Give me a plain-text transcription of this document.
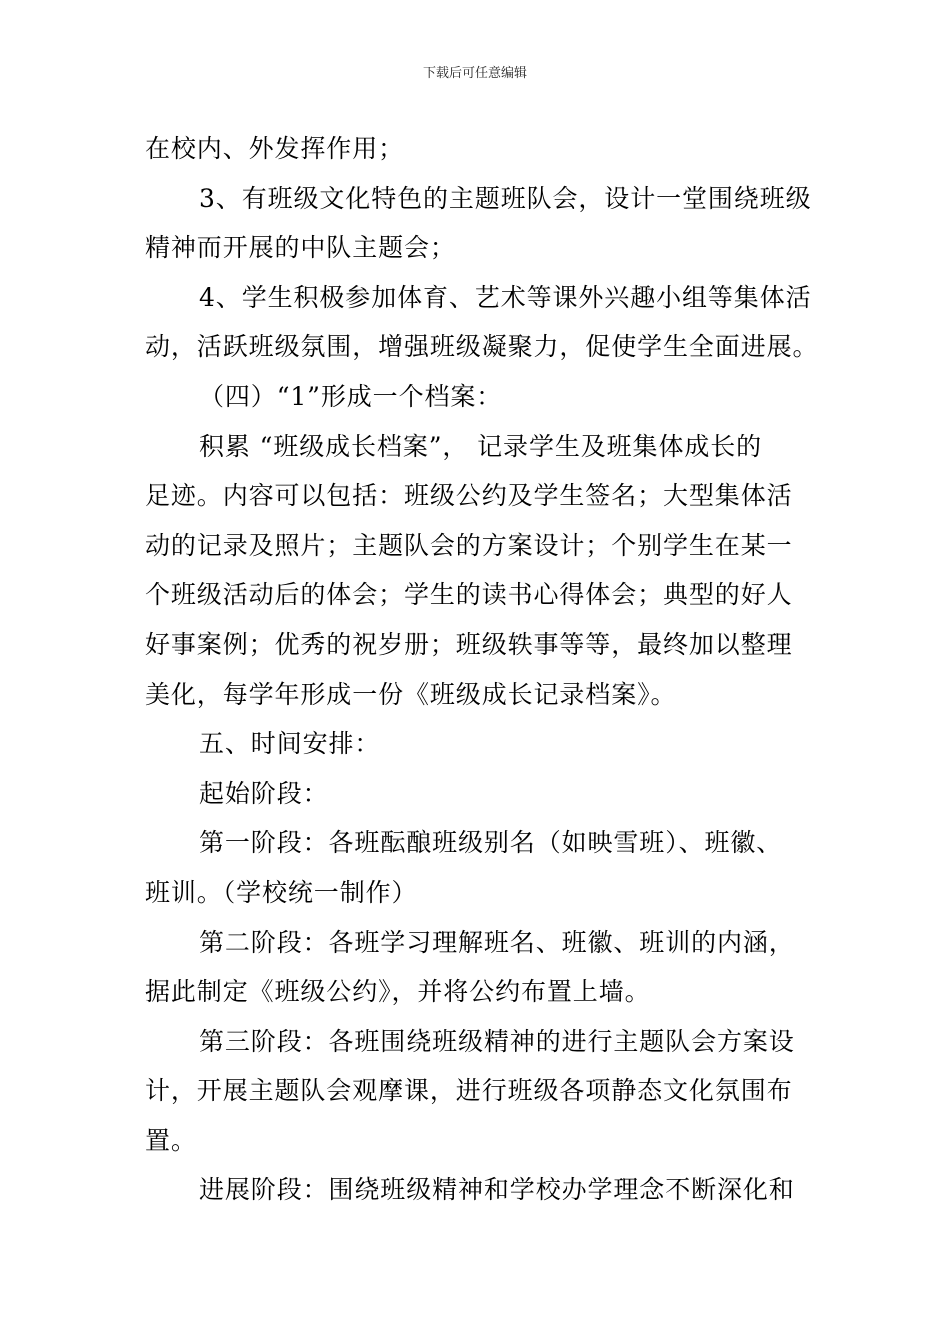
下载后可任意编辑

在校内、外发挥作用；

3、有班级文化特色的主题班队会，设计一堂围绕班级

精神而开展的中队主题会；

4、学生积极参加体育、艺术等课外兴趣小组等集体活

动，活跃班级氛围，增强班级凝聚力，促使学生全面进展。

（四）“1”形成一个档案：

积累 “班级成长档案”， 记录学生及班集体成长的

足迹。内容可以包括：班级公约及学生签名；大型集体活

动的记录及照片；主题队会的方案设计；个别学生在某一

个班级活动后的体会；学生的读书心得体会；典型的好人

好事案例；优秀的祝岁册；班级轶事等等，最终加以整理

美化，每学年形成一份《班级成长记录档案》。

五、时间安排：

起始阶段：

第一阶段：各班酝酿班级别名（如映雪班）、班徽、

班训。（学校统一制作）

第二阶段：各班学习理解班名、班徽、班训的内涵，

据此制定《班级公约》，并将公约布置上墙。

第三阶段：各班围绕班级精神的进行主题队会方案设

计，开展主题队会观摩课，进行班级各项静态文化氛围布

置。

进展阶段：围绕班级精神和学校办学理念不断深化和
